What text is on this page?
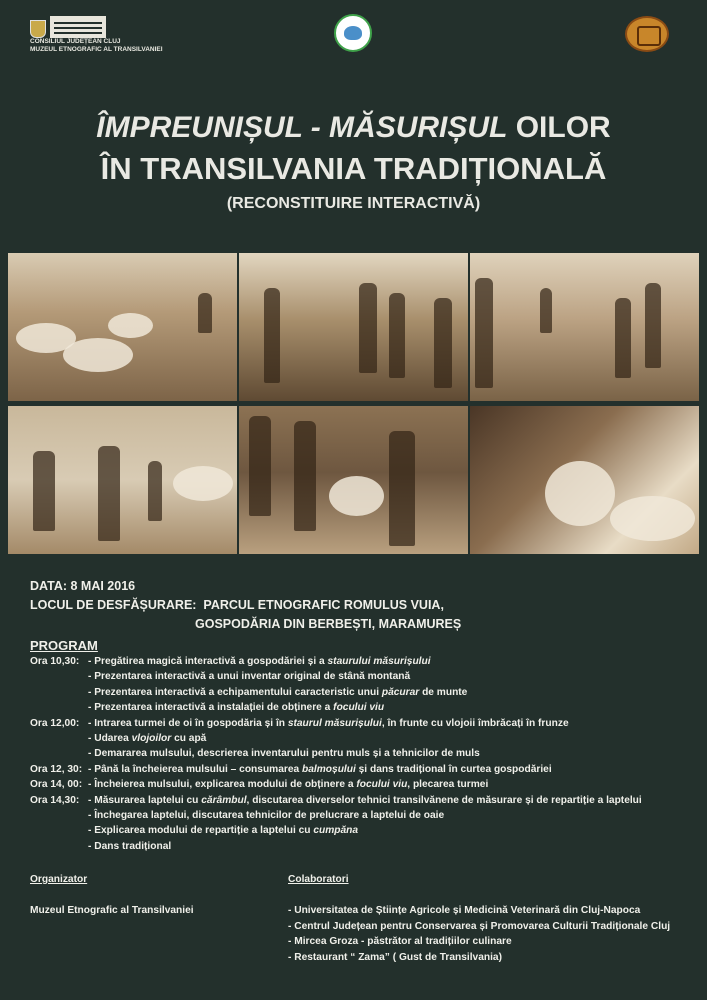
CONSILIUL JUDEȚEAN CLUJ
MUZEUL ETNOGRAFIC AL TRANSILVANIEI
ÎMPREUNIȘUL - MĂSURIȘUL OILOR
ÎN TRANSILVANIA TRADIȚIONALĂ
(RECONSTITUIRE INTERACTIVĂ)
DATA: 8 MAI 2016
LOCUL DE DESFĂȘURARE: PARCUL ETNOGRAFIC ROMULUS VUIA,
GOSPODĂRIA DIN BERBEȘTI, MARAMUREȘ
PROGRAM
Ora 10,30: - Pregătirea magică interactivă a gospodăriei și a staurului măsurișului
- Prezentarea interactivă a unui inventar original de stână montană
- Prezentarea interactivă a echipamentului caracteristic unui păcurar de munte
- Prezentarea interactivă a instalației de obținere a focului viu
Ora 12,00: - Intrarea turmei de oi în gospodăria și în staurul măsurișului, în frunte cu vlojoii îmbrăcați în frunze
- Udarea vlojoilor cu apă
- Demararea mulsului, descrierea inventarului pentru muls și a tehnicilor de muls
Ora 12, 30: - Până la încheierea mulsului – consumarea balmoșului și dans tradițional în curtea gospodăriei
Ora 14, 00: - Încheierea mulsului, explicarea modului de obținere a focului viu, plecarea turmei
Ora 14,30: - Măsurarea laptelui cu cărâmbul, discutarea diverselor tehnici transilvănene de măsurare și de repartiție a laptelui
- Închegarea laptelui, discutarea tehnicilor de prelucrare a laptelui de oaie
- Explicarea modului de repartiție a laptelui cu cumpăna
- Dans tradițional
Organizator
Muzeul Etnografic al Transilvaniei
Colaboratori
- Universitatea de Științe Agricole și Medicină Veterinară din Cluj-Napoca
- Centrul Județean pentru Conservarea și Promovarea Culturii Tradiționale Cluj
- Mircea Groza - păstrător al tradițiilor culinare
- Restaurant “ Zama” ( Gust de Transilvania)
